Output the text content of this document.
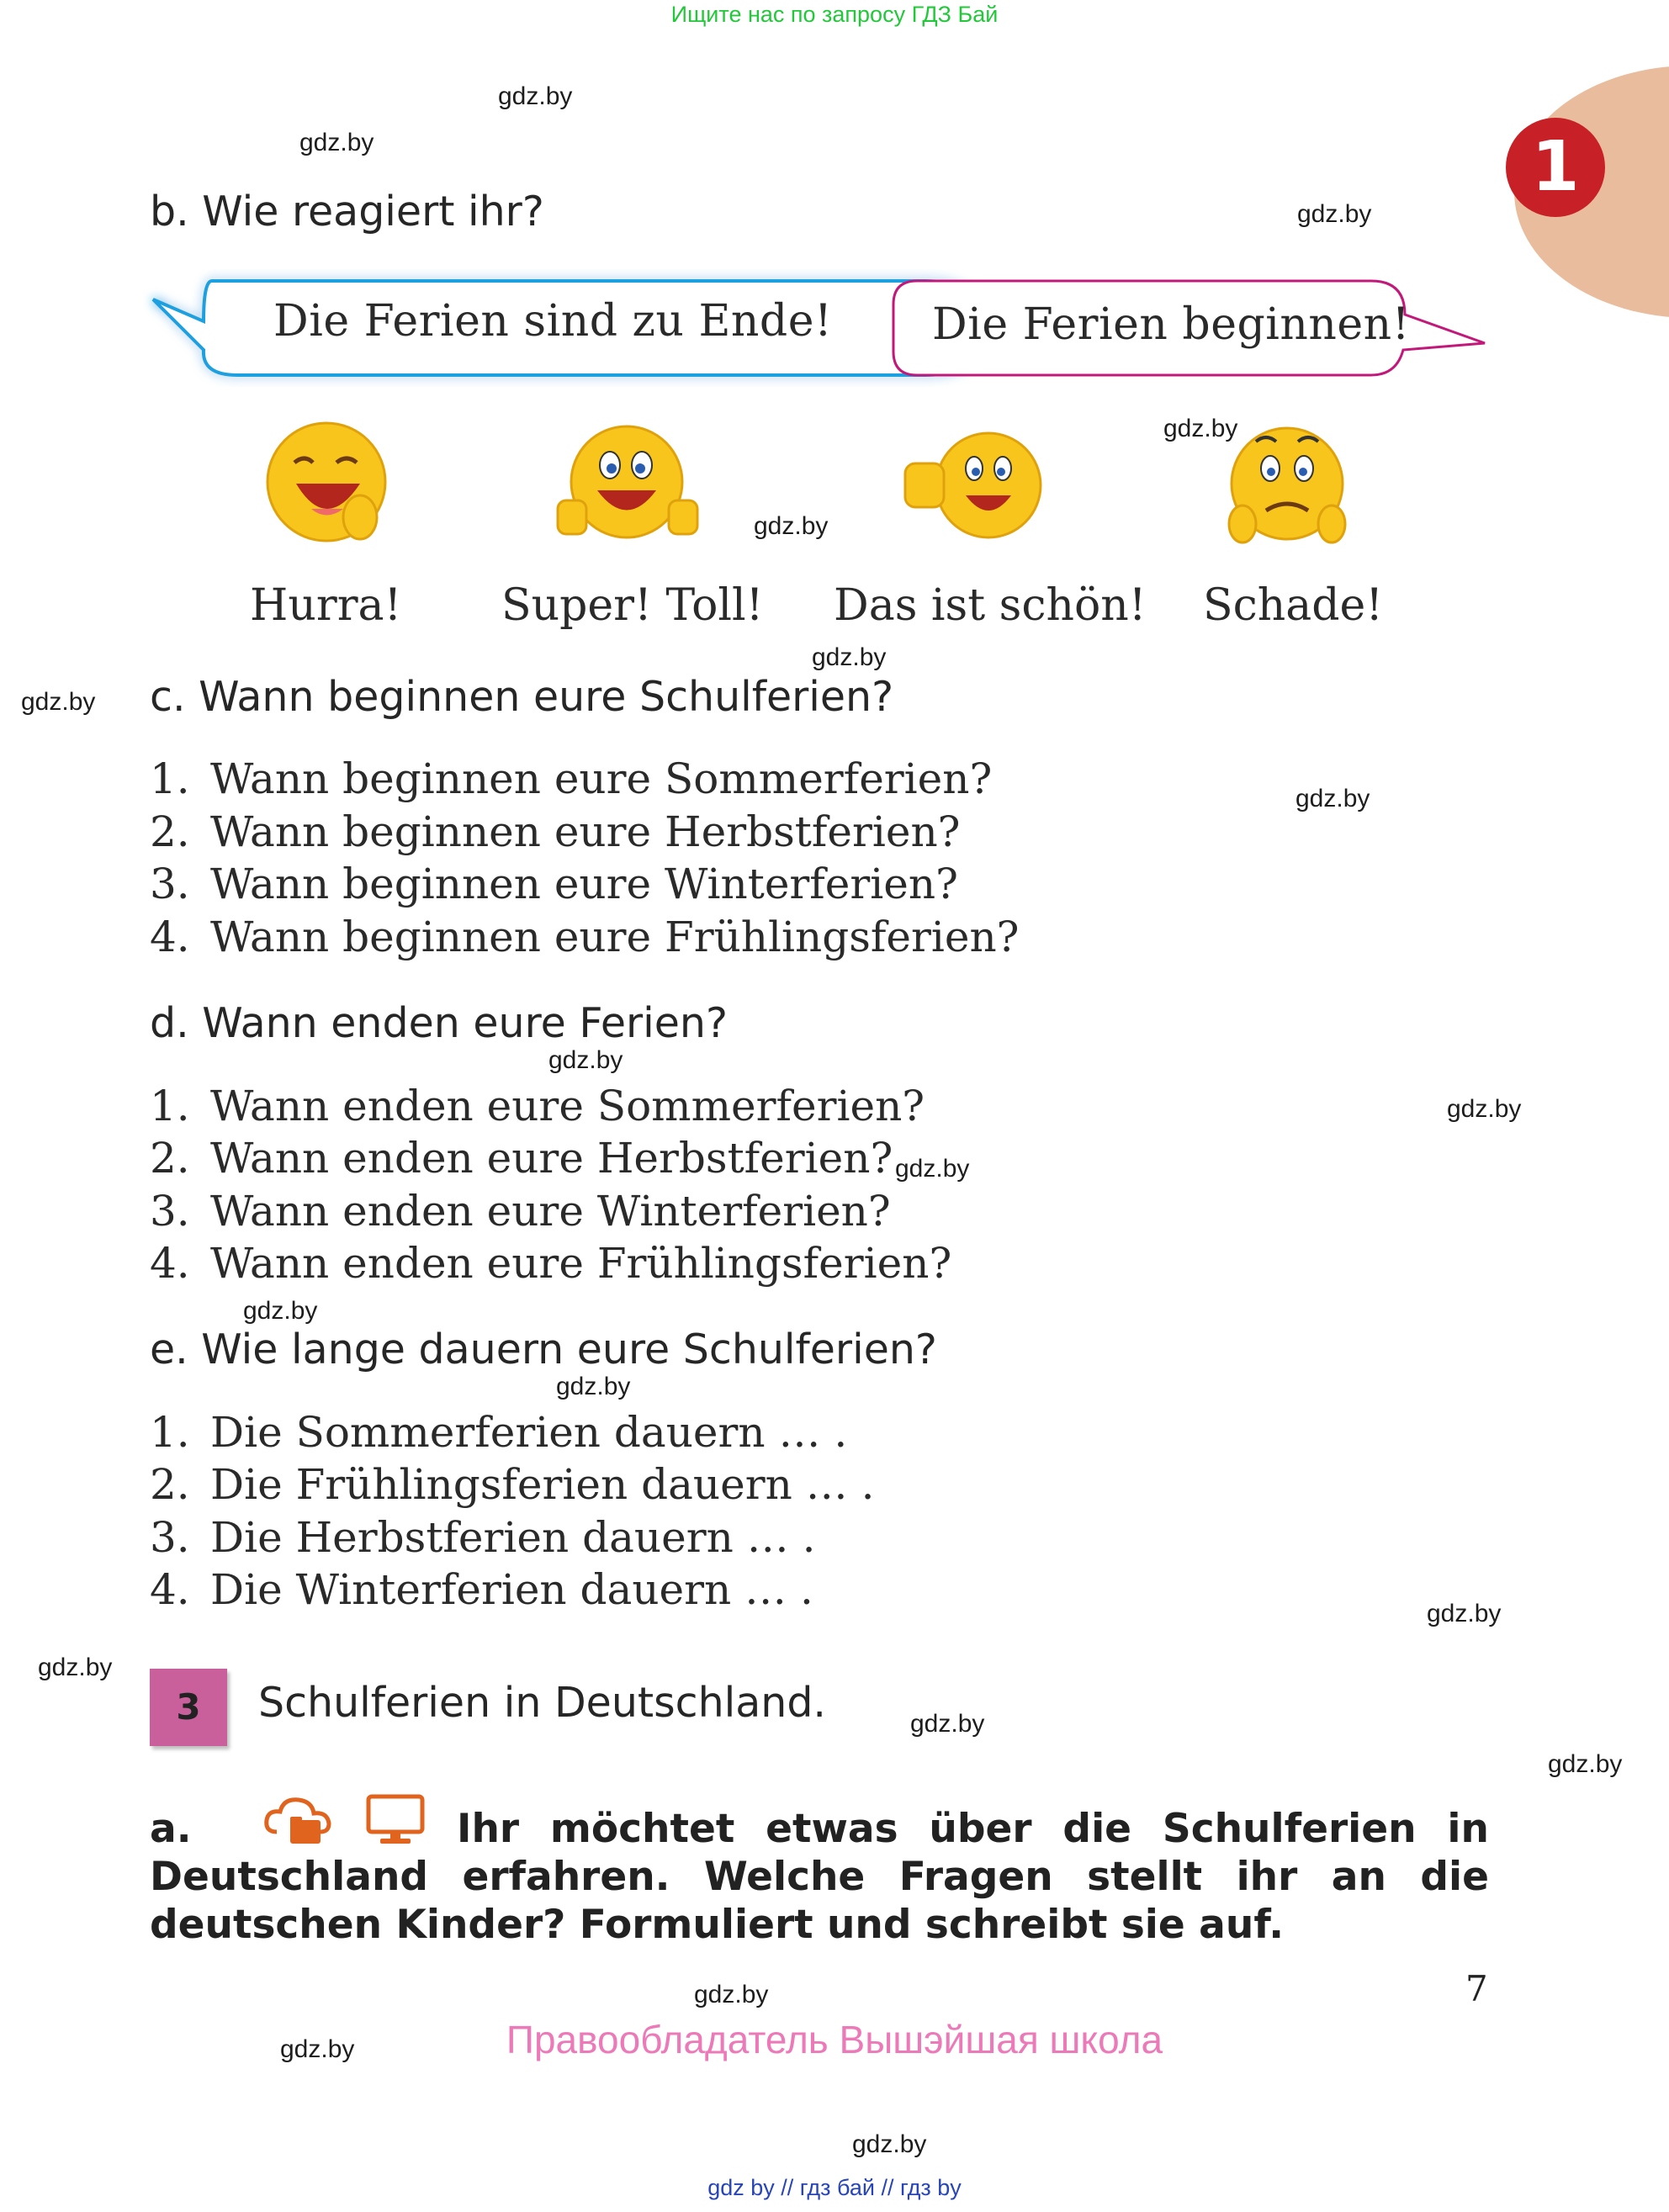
Ищите нас по запросу ГДЗ Бай
1
b. Wie reagiert ihr?
Die Ferien sind zu Ende! Die Ferien beginnen!
Hurra! Super! Toll! Das ist schön! Schade!
c. Wann beginnen eure Schulferien?
1. Wann beginnen eure Sommerferien?
2. Wann beginnen eure Herbstferien?
3. Wann beginnen eure Winterferien?
4. Wann beginnen eure Frühlingsferien?
d. Wann enden eure Ferien?
1. Wann enden eure Sommerferien?
2. Wann enden eure Herbstferien?
3. Wann enden eure Winterferien?
4. Wann enden eure Frühlingsferien?
e. Wie lange dauern eure Schulferien?
1. Die Sommerferien dauern … .
2. Die Frühlingsferien dauern … .
3. Die Herbstferien dauern … .
4. Die Winterferien dauern … .
3	Schulferien in Deutschland.
a.	Ihr möchtet etwas über die Schulferien in Deutschland erfahren. Welche Fragen stellt ihr an die deutschen Kinder? Formuliert und schreibt sie auf.
7
Правообладатель Вышэйшая школа
gdz by // гдз бай // гдз by
gdz.by
gdz.by
gdz.by
gdz.by
gdz.by
gdz.by
gdz.by
gdz.by
gdz.by
gdz.by
gdz.by
gdz.by
gdz.by
gdz.by
gdz.by
gdz.by
gdz.by
gdz.by
gdz.by
gdz.by
